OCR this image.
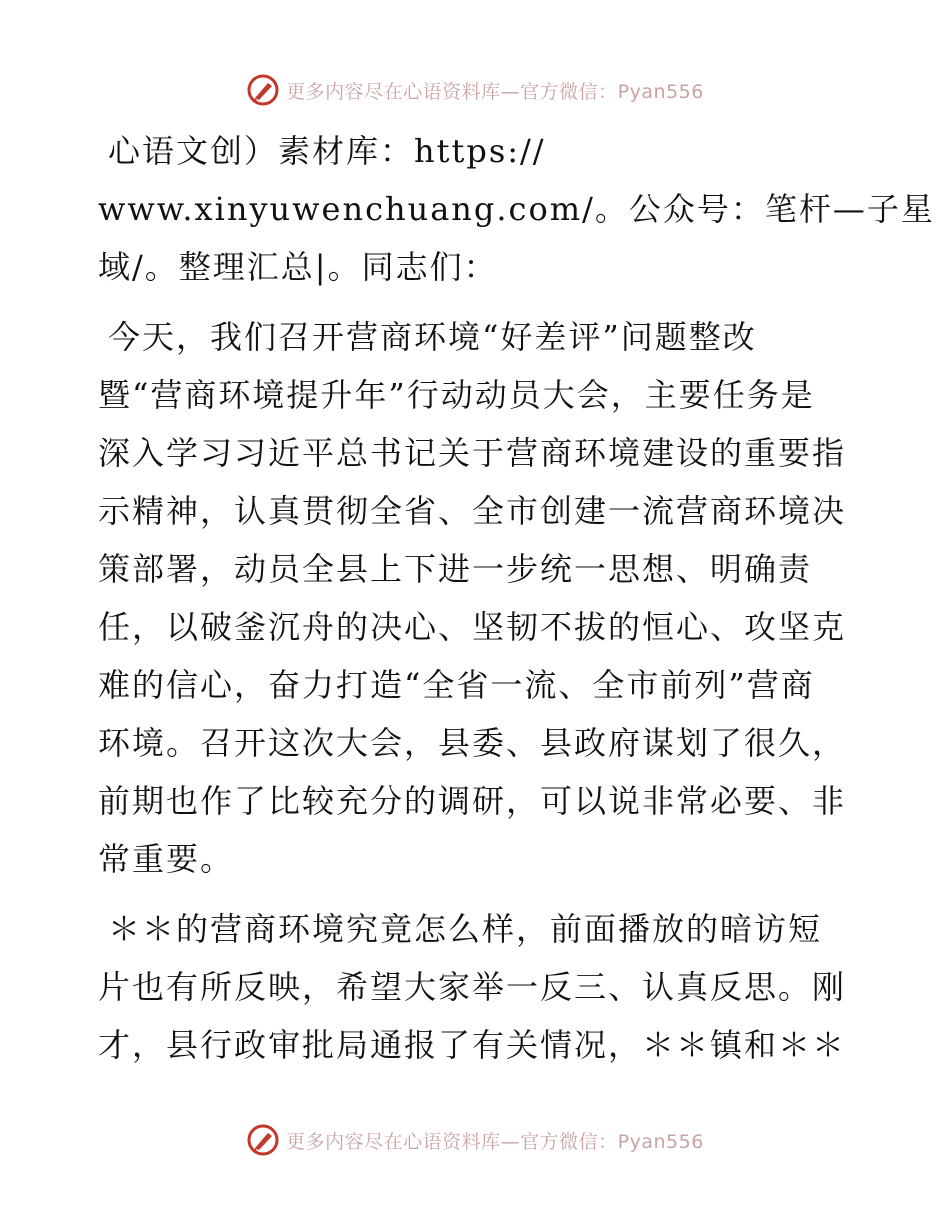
更多内容尽在心语资料库—官方微信：Pyan556

心语文创）素材库：https://
www.xinyuwenchuang.com/。公众号：笔杆—子星
域/。整理汇总|。同志们：

今天，我们召开营商环境“好差评”问题整改
暨“营商环境提升年”行动动员大会，主要任务是
深入学习习近平总书记关于营商环境建设的重要指
示精神，认真贯彻全省、全市创建一流营商环境决
策部署，动员全县上下进一步统一思想、明确责
任，以破釜沉舟的决心、坚韧不拔的恒心、攻坚克
难的信心，奋力打造“全省一流、全市前列”营商
环境。召开这次大会，县委、县政府谋划了很久，
前期也作了比较充分的调研，可以说非常必要、非
常重要。

＊＊的营商环境究竟怎么样，前面播放的暗访短
片也有所反映，希望大家举一反三、认真反思。刚
才，县行政审批局通报了有关情况，＊＊镇和＊＊

更多内容尽在心语资料库—官方微信：Pyan556
